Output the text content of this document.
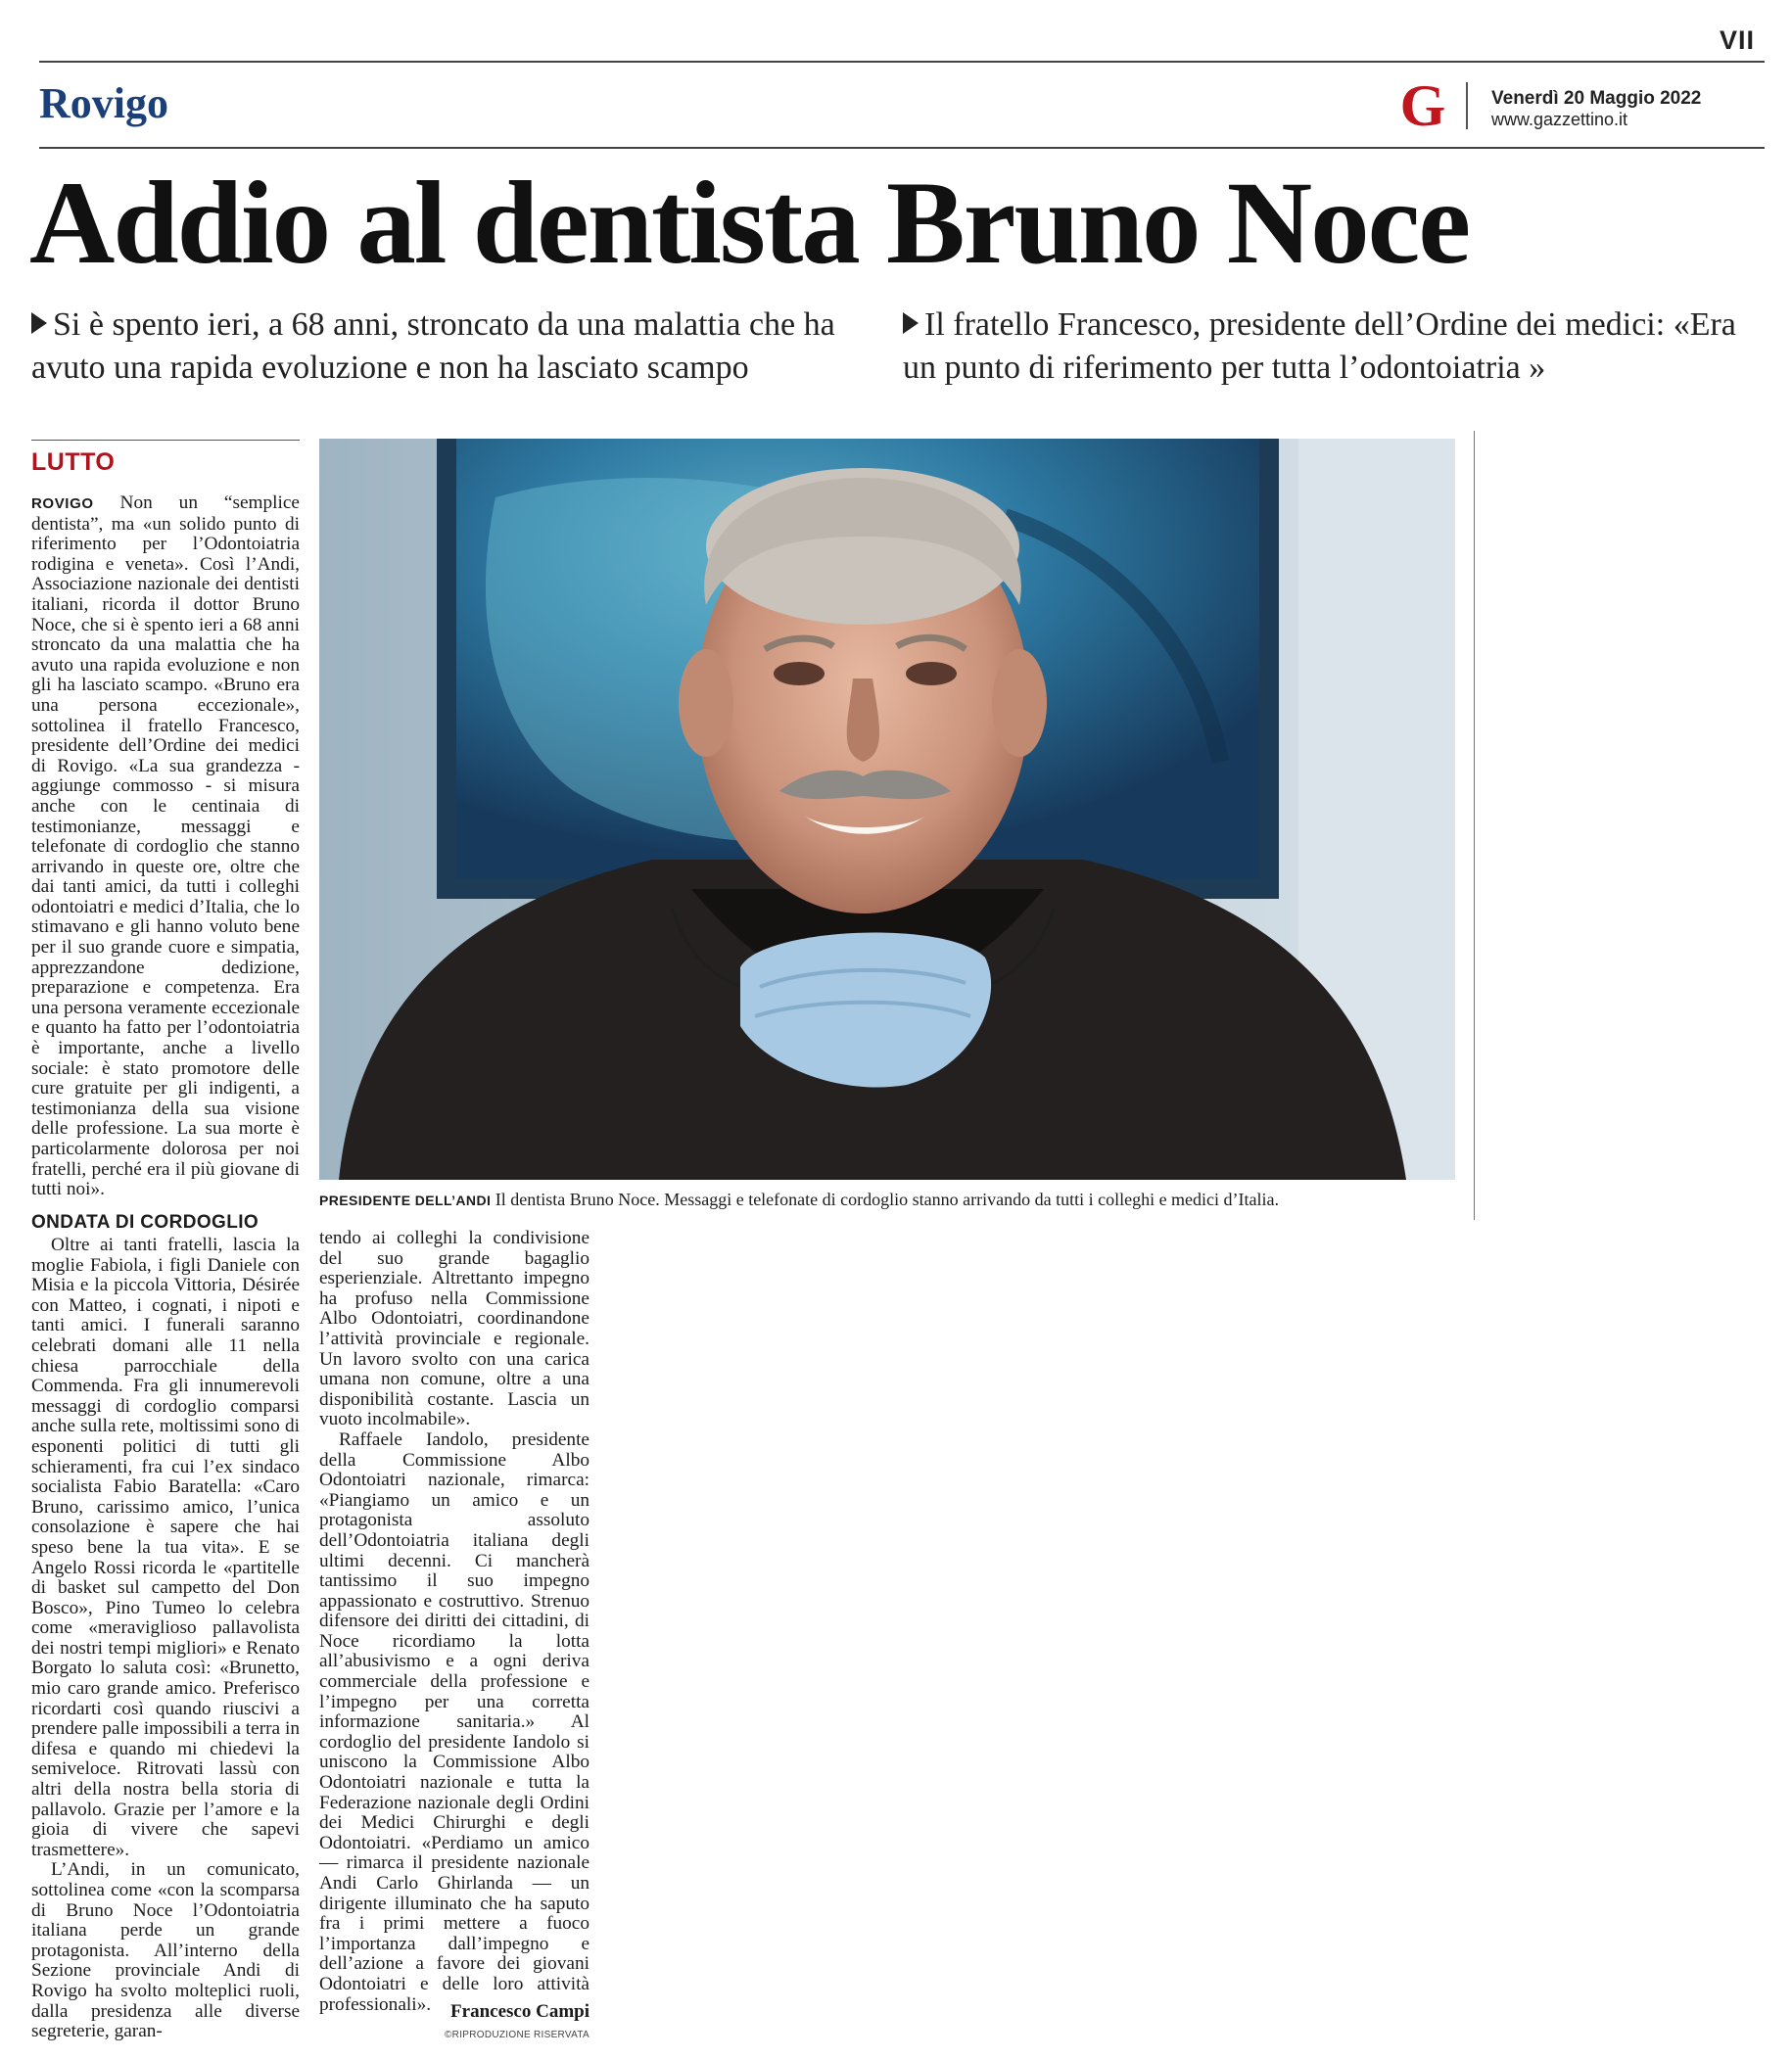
VII
Rovigo	G Venerdì 20 Maggio 2022
www.gazzettino.it
Addio al dentista Bruno Noce
Si è spento ieri, a 68 anni, stroncato da una malattia che ha avuto una rapida evoluzione e non ha lasciato scampo
Il fratello Francesco, presidente dell’Ordine dei medici: «Era un punto di riferimento per tutta l’odontoiatria »
LUTTO

ROVIGO Non un “semplice dentista”, ma «un solido punto di riferimento per l’Odontoiatria rodigina e veneta». Così l’Andi, Associazione nazionale dei dentisti italiani, ricorda il dottor Bruno Noce, che si è spento ieri a 68 anni stroncato da una malattia che ha avuto una rapida evoluzione e non gli ha lasciato scampo. «Bruno era una persona eccezionale», sottolinea il fratello Francesco, presidente dell’Ordine dei medici di Rovigo. «La sua grandezza - aggiunge commosso - si misura anche con le centinaia di testimonianze, messaggi e telefonate di cordoglio che stanno arrivando in queste ore, oltre che dai tanti amici, da tutti i colleghi odontoiatri e medici d’Italia, che lo stimavano e gli hanno voluto bene per il suo grande cuore e simpatia, apprezzandone dedizione, preparazione e competenza. Era una persona veramente eccezionale e quanto ha fatto per l’odontoiatria è importante, anche a livello sociale: è stato promotore delle cure gratuite per gli indigenti, a testimonianza della sua visione delle professione. La sua morte è particolarmente dolorosa per noi fratelli, perché era il più giovane di tutti noi».

ONDATA DI CORDOGLIO

Oltre ai tanti fratelli, lascia la moglie Fabiola, i figli Daniele con Misia e la piccola Vittoria, Désirée con Matteo, i cognati, i nipoti e tanti amici. I funerali saranno celebrati domani alle 11 nella chiesa parrocchiale della Commenda. Fra gli innumerevoli messaggi di cordoglio comparsi anche sulla rete, moltissimi sono di esponenti politici di tutti gli schieramenti, fra cui l’ex sindaco socialista Fabio Baratella: «Caro Bruno, carissimo amico, l’unica consolazione è sapere che hai speso bene la tua vita». E se Angelo Rossi ricorda le «partitelle di basket sul campetto del Don Bosco», Pino Tumeo lo celebra come «meraviglioso pallavolista dei nostri tempi migliori» e Renato Borgato lo saluta così: «Brunetto, mio caro grande amico. Preferisco ricordarti così quando riuscivi a prendere palle impossibili a terra in difesa e quando mi chiedevi la semiveloce. Ritrovati lassù con altri della nostra bella storia di pallavolo. Grazie per l’amore e la gioia di vivere che sapevi trasmettere».

L’Andi, in un comunicato, sottolinea come «con la scomparsa di Bruno Noce l’Odontoiatria italiana perde un grande protagonista. All’interno della Sezione provinciale Andi di Rovigo ha svolto molteplici ruoli, dalla presidenza alle diverse segreterie, garan-

tendo ai colleghi la condivisione del suo grande bagaglio esperienziale. Altrettanto impegno ha profuso nella Commissione Albo Odontoiatri, coordinandone l’attività provinciale e regionale. Un lavoro svolto con una carica umana non comune, oltre a una disponibilità costante. Lascia un vuoto incolmabile».

Raffaele Iandolo, presidente della Commissione Albo Odontoiatri nazionale, rimarca: «Piangiamo un amico e un protagonista assoluto dell’Odontoiatria italiana degli ultimi decenni. Ci mancherà tantissimo il suo impegno appassionato e costruttivo. Strenuo difensore dei diritti dei cittadini, di Noce ricordiamo la lotta all’abusivismo e a ogni deriva commerciale della professione e l’impegno per una corretta informazione sanitaria.» Al cordoglio del presidente Iandolo si uniscono la Commissione Albo Odontoiatri nazionale e tutta la Federazione nazionale degli Ordini dei Medici Chirurghi e degli Odontoiatri. «Perdiamo un amico — rimarca il presidente nazionale Andi Carlo Ghirlanda — un dirigente illuminato che ha saputo fra i primi mettere a fuoco l’importanza dall’impegno e dell’azione a favore dei giovani Odontoiatri e delle loro attività professionali».	Francesco Campi
©RIPRODUZIONE RISERVATA
PRESIDENTE DELL’ANDI Il dentista Bruno Noce. Messaggi e telefonate di cordoglio stanno arrivando da tutti i colleghi e medici d’Italia.
